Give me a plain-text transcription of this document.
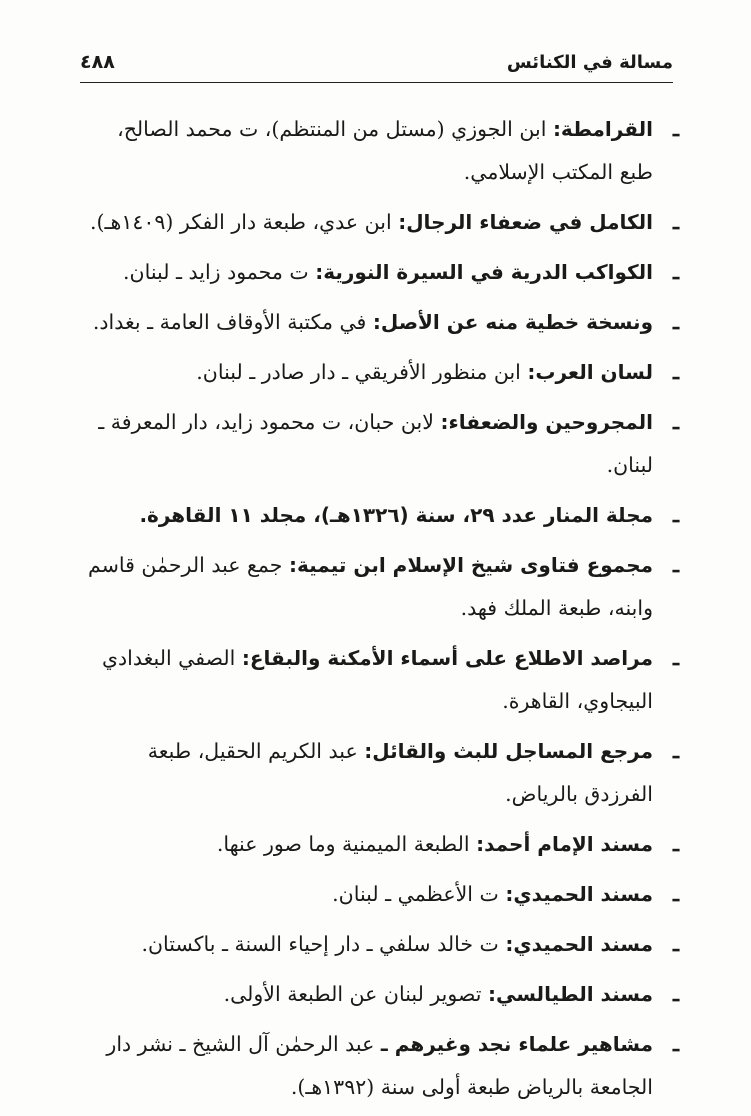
مسالة في الكنائس
٤٨٨
ـ
القرامطة: ابن الجوزي (مستل من المنتظم)، ت محمد الصالح، طبع المكتب الإسلامي.
ـ
الكامل في ضعفاء الرجال: ابن عدي، طبعة دار الفكر (١٤٠٩هـ).
ـ
الكواكب الدرية في السيرة النورية: ت محمود زايد ـ لبنان.
ـ
ونسخة خطية منه عن الأصل: في مكتبة الأوقاف العامة ـ بغداد.
ـ
لسان العرب: ابن منظور الأفريقي ـ دار صادر ـ لبنان.
ـ
المجروحين والضعفاء: لابن حبان، ت محمود زايد، دار المعرفة ـ لبنان.
ـ
مجلة المنار عدد ٢٩، سنة (١٣٢٦هـ)، مجلد ١١ القاهرة.
ـ
مجموع فتاوى شيخ الإسلام ابن تيمية: جمع عبد الرحمٰن قاسم وابنه، طبعة الملك فهد.
ـ
مراصد الاطلاع على أسماء الأمكنة والبقاع: الصفي البغدادي البيجاوي، القاهرة.
ـ
مرجع المساجل للبث والقائل: عبد الكريم الحقيل، طبعة الفرزدق بالرياض.
ـ
مسند الإمام أحمد: الطبعة الميمنية وما صور عنها.
ـ
مسند الحميدي: ت الأعظمي ـ لبنان.
ـ
مسند الحميدي: ت خالد سلفي ـ دار إحياء السنة ـ باكستان.
ـ
مسند الطيالسي: تصوير لبنان عن الطبعة الأولى.
ـ
مشاهير علماء نجد وغيرهم ـ عبد الرحمٰن آل الشيخ ـ نشر دار الجامعة بالرياض طبعة أولى سنة (١٣٩٢هـ).
